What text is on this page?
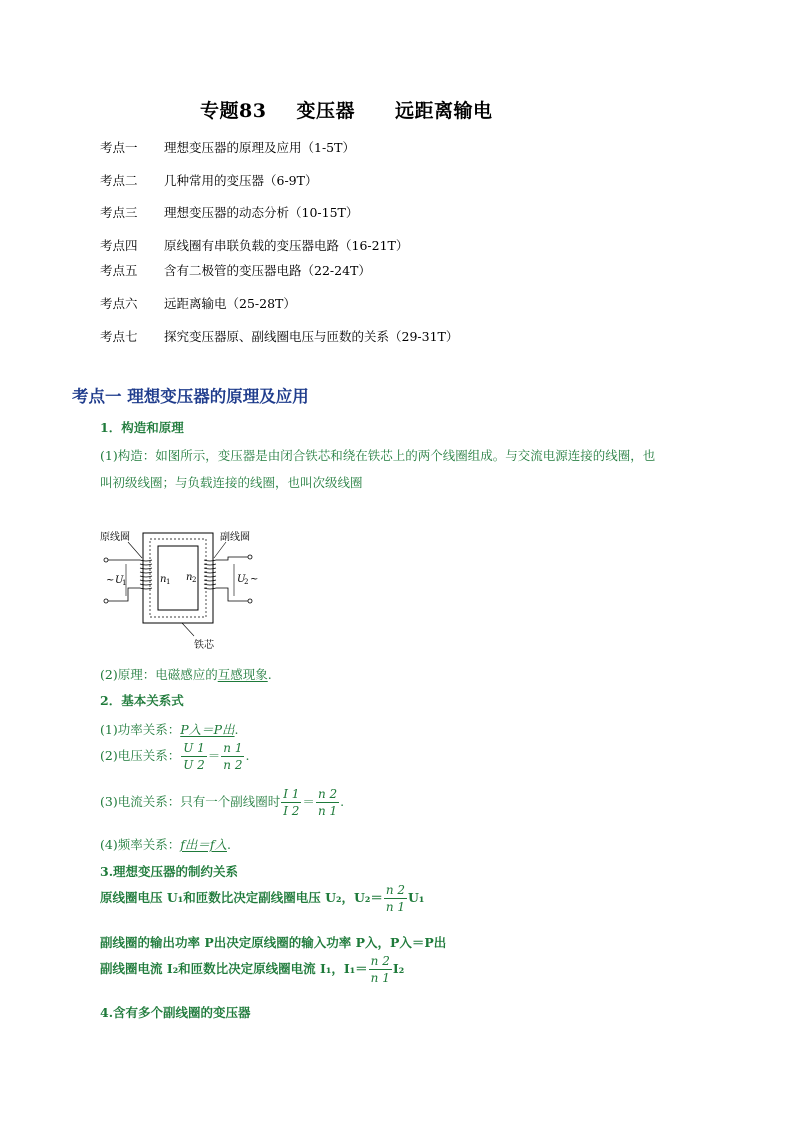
专题83 变压器 远距离输电
考点一 理想变压器的原理及应用（1-5T）
考点二 几种常用的变压器（6-9T）
考点三 理想变压器的动态分析（10-15T）
考点四 原线圈有串联负载的变压器电路（16-21T）
考点五 含有二极管的变压器电路（22-24T）
考点六 远距离输电（25-28T）
考点七 探究变压器原、副线圈电压与匝数的关系（29-31T）
考点一 理想变压器的原理及应用
1．构造和原理
(1)构造：如图所示，变压器是由闭合铁芯和绕在铁芯上的两个线圈组成。与交流电源连接的线圈，也
叫初级线圈；与负载连接的线圈，也叫次级线圈
原线圈	副线圈
~ U
1	n 1 n 2	U
2 ~
铁芯
(2)原理：电磁感应的互感现象.
2．基本关系式
(1)功率关系：P入＝P出.
(2)电压关系： $\frac{U 1}{U 2} = \frac{n 1}{n 2}$ .
(3)电流关系：只有一个副线圈时 $\frac{I 1}{I 2} = \frac{n 2}{n 1}$ .
(4)频率关系：f出＝f入.
3.理想变压器的制约关系
原线圈电压 U₁和匝数比决定副线圈电压 U₂，$U_2= \frac{n 2}{n 1} U_1$
副线圈的输出功率 P出决定原线圈的输入功率 P入，P入＝P出
副线圈电流 I₂和匝数比决定原线圈电流 I₁，$I_1= \frac{n 2}{n 1} I_2$
4.含有多个副线圈的变压器
